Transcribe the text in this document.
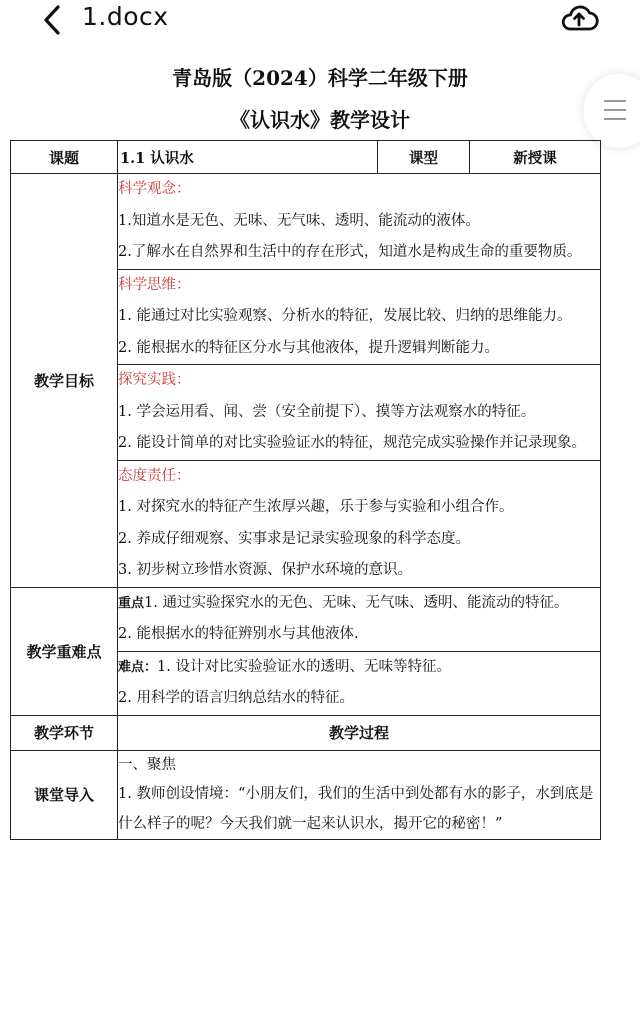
1.docx
青岛版（2024）科学二年级下册
《认识水》教学设计
课题	1.1 认识水	课型	新授课
教学目标	科学观念：

1.知道水是无色、无味、无气味、透明、能流动的液体。

2.了解水在自然界和生活中的存在形式，知道水是构成生命的重要物质。		

	科学思维：

1. 能通过对比实验观察、分析水的特征，发展比较、归纳的思维能力。

2. 能根据水的特征区分水与其他液体，提升逻辑判断能力。		

	探究实践：

1. 学会运用看、闻、尝（安全前提下）、摸等方法观察水的特征。

2. 能设计简单的对比实验验证水的特征，规范完成实验操作并记录现象。		

	态度责任：

1. 对探究水的特征产生浓厚兴趣，乐于参与实验和小组合作。

2. 养成仔细观察、实事求是记录实验现象的科学态度。

3. 初步树立珍惜水资源、保护水环境的意识。		

教学重难点	重点1. 通过实验探究水的无色、无味、无气味、透明、能流动的特征。

2. 能根据水的特征辨别水与其他液体.		

	难点：1. 设计对比实验验证水的透明、无味等特征。

2. 用科学的语言归纳总结水的特征。		

教学环节	教学过程		
课堂导入	一、聚焦

1. 教师创设情境：“小朋友们，我们的生活中到处都有水的影子，水到底是什么样子的呢？今天我们就一起来认识水，揭开它的秘密！”		
